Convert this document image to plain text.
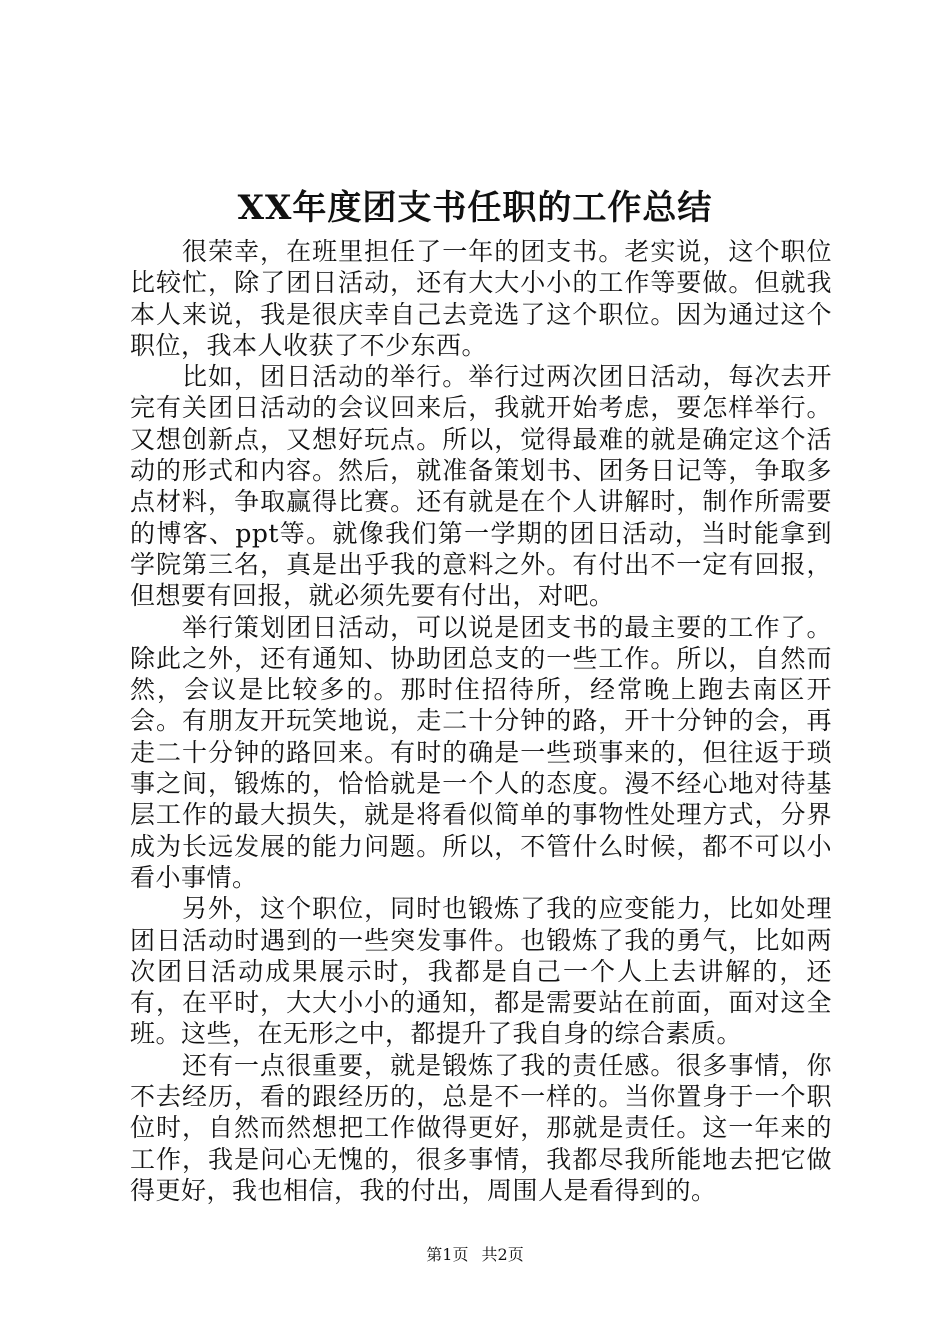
XX年度团支书任职的工作总结

很荣幸，在班里担任了一年的团支书。老实说，这个职位比较忙，除了团日活动，还有大大小小的工作等要做。但就我本人来说，我是很庆幸自己去竞选了这个职位。因为通过这个职位，我本人收获了不少东西。

比如，团日活动的举行。举行过两次团日活动，每次去开完有关团日活动的会议回来后，我就开始考虑，要怎样举行。又想创新点，又想好玩点。所以，觉得最难的就是确定这个活动的形式和内容。然后，就准备策划书、团务日记等，争取多点材料，争取赢得比赛。还有就是在个人讲解时，制作所需要的博客、ppt等。就像我们第一学期的团日活动，当时能拿到学院第三名，真是出乎我的意料之外。有付出不一定有回报，但想要有回报，就必须先要有付出，对吧。

举行策划团日活动，可以说是团支书的最主要的工作了。除此之外，还有通知、协助团总支的一些工作。所以，自然而然，会议是比较多的。那时住招待所，经常晚上跑去南区开会。有朋友开玩笑地说，走二十分钟的路，开十分钟的会，再走二十分钟的路回来。有时的确是一些琐事来的，但往返于琐事之间，锻炼的，恰恰就是一个人的态度。漫不经心地对待基层工作的最大损失，就是将看似简单的事物性处理方式，分界成为长远发展的能力问题。所以，不管什么时候，都不可以小看小事情。

另外，这个职位，同时也锻炼了我的应变能力，比如处理团日活动时遇到的一些突发事件。也锻炼了我的勇气，比如两次团日活动成果展示时，我都是自己一个人上去讲解的，还有，在平时，大大小小的通知，都是需要站在前面，面对这全班。这些，在无形之中，都提升了我自身的综合素质。

还有一点很重要，就是锻炼了我的责任感。很多事情，你不去经历，看的跟经历的，总是不一样的。当你置身于一个职位时，自然而然想把工作做得更好，那就是责任。这一年来的工作，我是问心无愧的，很多事情，我都尽我所能地去把它做得更好，我也相信，我的付出，周围人是看得到的。

第1页 共2页
